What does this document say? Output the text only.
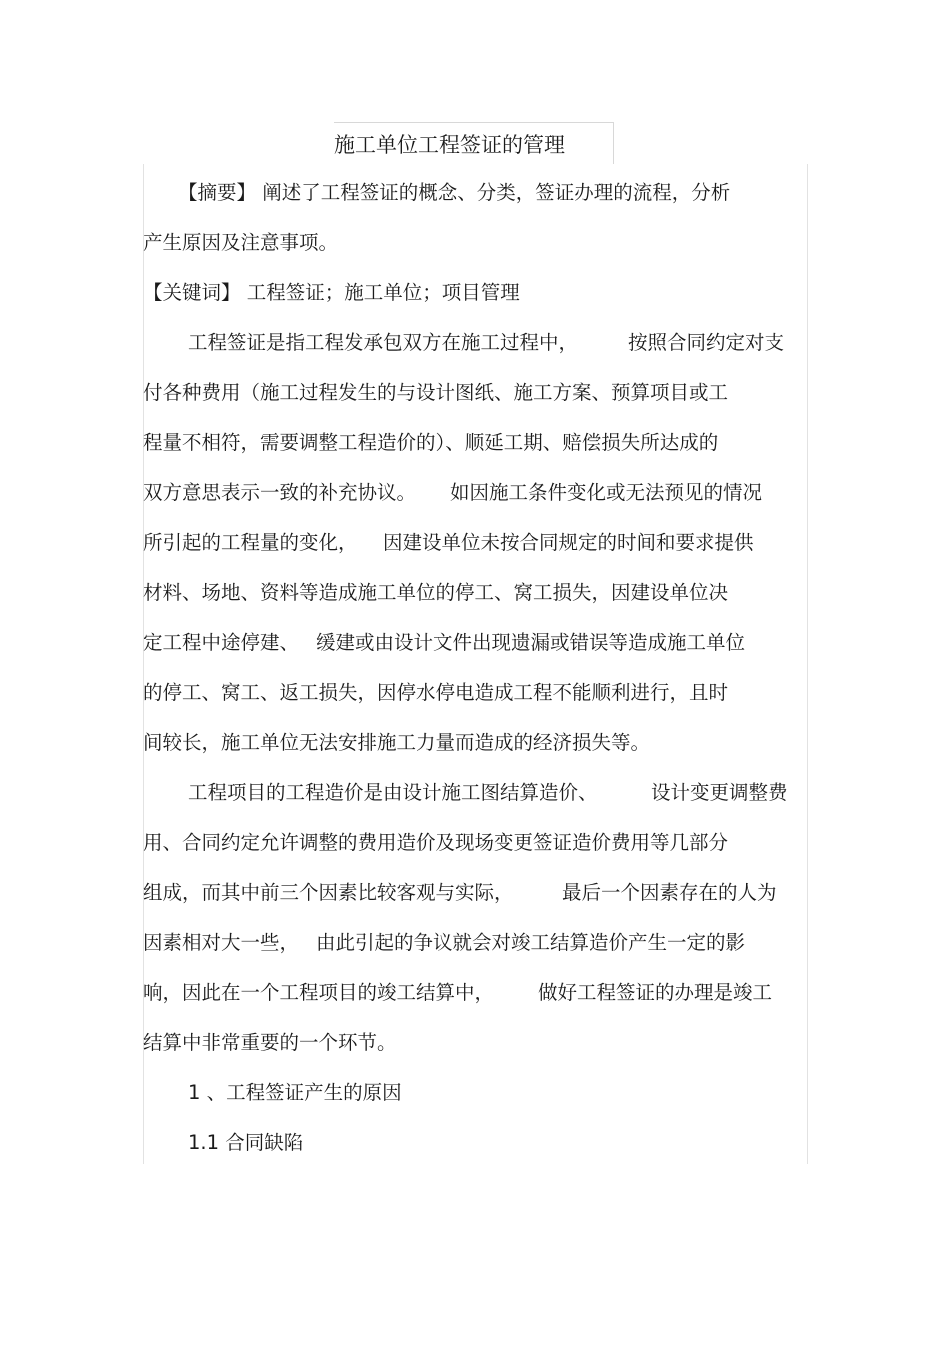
施工单位工程签证的管理
【摘要】 阐述了工程签证的概念、分类，签证办理的流程，分析
产生原因及注意事项。
【关键词】 工程签证；施工单位；项目管理
工程签证是指工程发承包双方在施工过程中，	按照合同约定对支
付各种费用（施工过程发生的与设计图纸、施工方案、预算项目或工
程量不相符，需要调整工程造价的）、顺延工期、赔偿损失所达成的
双方意思表示一致的补充协议。 如因施工条件变化或无法预见的情况
所引起的工程量的变化， 因建设单位未按合同规定的时间和要求提供
材料、场地、资料等造成施工单位的停工、窝工损失，因建设单位决
定工程中途停建、 缓建或由设计文件出现遗漏或错误等造成施工单位
的停工、窝工、返工损失，因停水停电造成工程不能顺利进行，且时
间较长，施工单位无法安排施工力量而造成的经济损失等。
工程项目的工程造价是由设计施工图结算造价、	设计变更调整费
用、合同约定允许调整的费用造价及现场变更签证造价费用等几部分
组成，而其中前三个因素比较客观与实际， 最后一个因素存在的人为
因素相对大一些， 由此引起的争议就会对竣工结算造价产生一定的影
响，因此在一个工程项目的竣工结算中， 做好工程签证的办理是竣工
结算中非常重要的一个环节。
1 、工程签证产生的原因
1.1 合同缺陷
